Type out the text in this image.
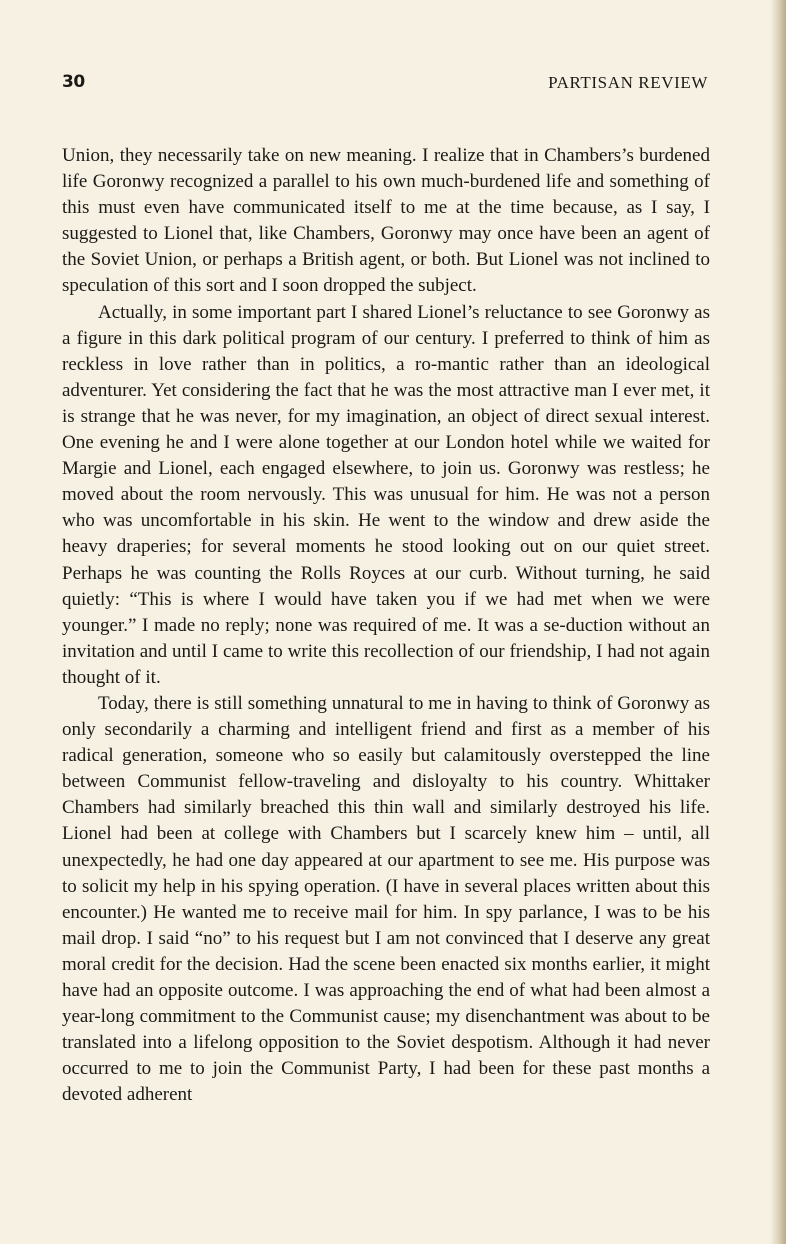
30	PARTISAN REVIEW

Union, they necessarily take on new meaning. I realize that in Chambers’s burdened life Goronwy recognized a parallel to his own much-burdened life and something of this must even have communicated itself to me at the time because, as I say, I suggested to Lionel that, like Chambers, Goronwy may once have been an agent of the Soviet Union, or perhaps a British agent, or both. But Lionel was not inclined to speculation of this sort and I soon dropped the subject.

Actually, in some important part I shared Lionel’s reluctance to see Goronwy as a figure in this dark political program of our century. I preferred to think of him as reckless in love rather than in politics, a ro-mantic rather than an ideological adventurer. Yet considering the fact that he was the most attractive man I ever met, it is strange that he was never, for my imagination, an object of direct sexual interest. One evening he and I were alone together at our London hotel while we waited for Margie and Lionel, each engaged elsewhere, to join us. Goronwy was restless; he moved about the room nervously. This was unusual for him. He was not a person who was uncomfortable in his skin. He went to the window and drew aside the heavy draperies; for several moments he stood looking out on our quiet street. Perhaps he was counting the Rolls Royces at our curb. Without turning, he said quietly: “This is where I would have taken you if we had met when we were younger.” I made no reply; none was required of me. It was a se-duction without an invitation and until I came to write this recollection of our friendship, I had not again thought of it.

Today, there is still something unnatural to me in having to think of Goronwy as only secondarily a charming and intelligent friend and first as a member of his radical generation, someone who so easily but calamitously overstepped the line between Communist fellow-traveling and disloyalty to his country. Whittaker Chambers had similarly breached this thin wall and similarly destroyed his life. Lionel had been at college with Chambers but I scarcely knew him – until, all unexpectedly, he had one day appeared at our apartment to see me. His purpose was to solicit my help in his spying operation. (I have in several places written about this encounter.) He wanted me to receive mail for him. In spy parlance, I was to be his mail drop. I said “no” to his request but I am not convinced that I deserve any great moral credit for the decision. Had the scene been enacted six months earlier, it might have had an opposite outcome. I was approaching the end of what had been almost a year-long commitment to the Communist cause; my disenchantment was about to be translated into a lifelong opposition to the Soviet despotism. Although it had never occurred to me to join the Communist Party, I had been for these past months a devoted adherent
